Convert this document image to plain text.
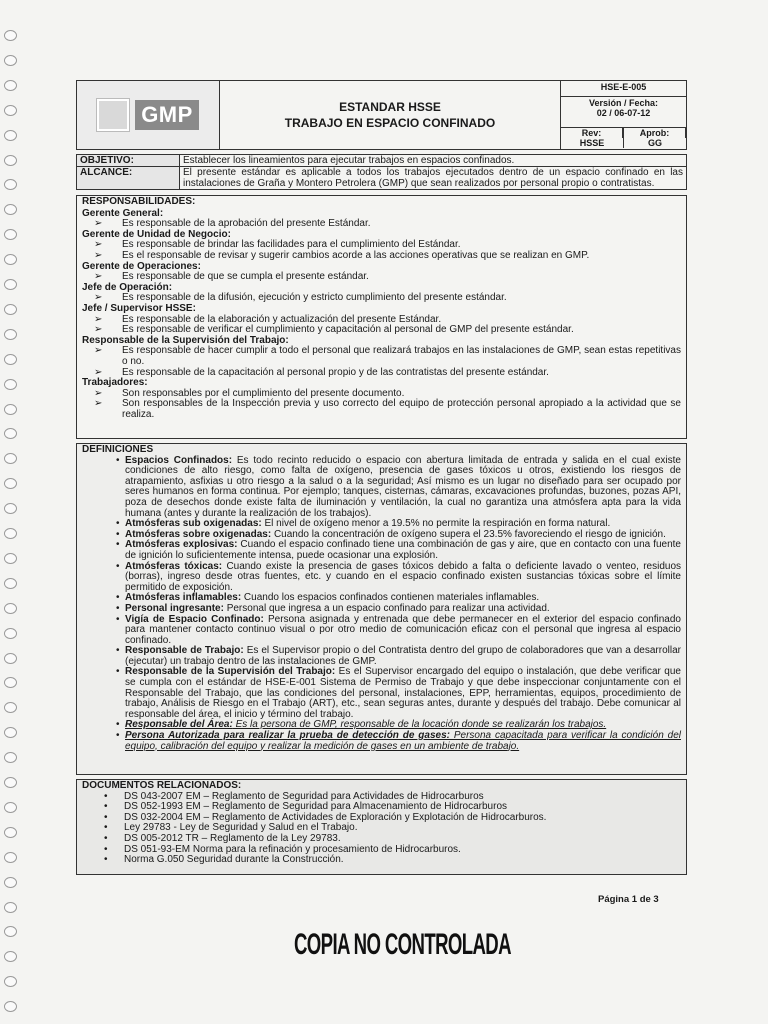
GMP	ESTANDAR HSSE
TRABAJO EN ESPACIO CONFINADO
HSE-E-005
Versión / Fecha:
02 / 06-07-12
Rev:
HSSE
Aprob:
GG
OBJETIVO:	Establecer los lineamientos para ejecutar trabajos en espacios confinados.
ALCANCE:	El presente estándar es aplicable a todos los trabajos ejecutados dentro de un espacio confinado en las instalaciones de Graña y Montero Petrolera (GMP) que sean realizados por personal propio o contratistas.
RESPONSABILIDADES:
Gerente General:
➢ Es responsable de la aprobación del presente Estándar.
Gerente de Unidad de Negocio:
➢ Es responsable de brindar las facilidades para el cumplimiento del Estándar.
➢ Es el responsable de revisar y sugerir cambios acorde a las acciones operativas que se realizan en GMP.
Gerente de Operaciones:
➢ Es responsable de que se cumpla el presente estándar.
Jefe de Operación:
➢ Es responsable de la difusión, ejecución y estricto cumplimiento del presente estándar.
Jefe / Supervisor HSSE:
➢ Es responsable de la elaboración y actualización del presente Estándar.
➢ Es responsable de verificar el cumplimiento y capacitación al personal de GMP del presente estándar.
Responsable de la Supervisión del Trabajo:
➢ Es responsable de hacer cumplir a todo el personal que realizará trabajos en las instalaciones de GMP, sean estas repetitivas o no.
➢ Es responsable de la capacitación al personal propio y de las contratistas del presente estándar.
Trabajadores:
➢ Son responsables por el cumplimiento del presente documento.
➢ Son responsables de la Inspección previa y uso correcto del equipo de protección personal apropiado a la actividad que se realiza.
DEFINICIONES
• Espacios Confinados: Es todo recinto reducido o espacio con abertura limitada de entrada y salida en el cual existe condiciones de alto riesgo, como falta de oxígeno, presencia de gases tóxicos u otros, existiendo los riesgos de atrapamiento, asfixias u otro riesgo a la salud o a la seguridad; Así mismo es un lugar no diseñado para ser ocupado por seres humanos en forma continua. Por ejemplo; tanques, cisternas, cámaras, excavaciones profundas, buzones, pozas API, poza de desechos donde existe falta de iluminación y ventilación, la cual no garantiza una atmósfera apta para la vida humana (antes y durante la realización de los trabajos).
• Atmósferas sub oxigenadas: El nivel de oxígeno menor a 19.5% no permite la respiración en forma natural.
• Atmósferas sobre oxigenadas: Cuando la concentración de oxígeno supera el 23.5% favoreciendo el riesgo de ignición.
• Atmósferas explosivas: Cuando el espacio confinado tiene una combinación de gas y aire, que en contacto con una fuente de ignición lo suficientemente intensa, puede ocasionar una explosión.
• Atmósferas tóxicas: Cuando existe la presencia de gases tóxicos debido a falta o deficiente lavado o venteo, residuos (borras), ingreso desde otras fuentes, etc. y cuando en el espacio confinado existen sustancias tóxicas sobre el límite permitido de exposición.
• Atmósferas inflamables: Cuando los espacios confinados contienen materiales inflamables.
• Personal ingresante: Personal que ingresa a un espacio confinado para realizar una actividad.
• Vigía de Espacio Confinado: Persona asignada y entrenada que debe permanecer en el exterior del espacio confinado para mantener contacto continuo visual o por otro medio de comunicación eficaz con el personal que ingresa al espacio confinado.
• Responsable de Trabajo: Es el Supervisor propio o del Contratista dentro del grupo de colaboradores que van a desarrollar (ejecutar) un trabajo dentro de las instalaciones de GMP.
• Responsable de la Supervisión del Trabajo: Es el Supervisor encargado del equipo o instalación, que debe verificar que se cumpla con el estándar de HSE-E-001 Sistema de Permiso de Trabajo y que debe inspeccionar conjuntamente con el Responsable del Trabajo, que las condiciones del personal, instalaciones, EPP, herramientas, equipos, procedimiento de trabajo, Análisis de Riesgo en el Trabajo (ART), etc., sean seguras antes, durante y después del trabajo. Debe comunicar al responsable del área, el inicio y término del trabajo.
• Responsable del Área: Es la persona de GMP, responsable de la locación donde se realizarán los trabajos.
• Persona Autorizada para realizar la prueba de detección de gases: Persona capacitada para verificar la condición del equipo, calibración del equipo y realizar la medición de gases en un ambiente de trabajo.
DOCUMENTOS RELACIONADOS:
• DS 043-2007 EM – Reglamento de Seguridad para Actividades de Hidrocarburos
• DS 052-1993 EM – Reglamento de Seguridad para Almacenamiento de Hidrocarburos
• DS 032-2004 EM – Reglamento de Actividades de Exploración y Explotación de Hidrocarburos.
• Ley 29783 - Ley de Seguridad y Salud en el Trabajo.
• DS 005-2012 TR – Reglamento de la Ley 29783.
• DS 051-93-EM Norma para la refinación y procesamiento de Hidrocarburos.
• Norma G.050 Seguridad durante la Construcción.
Página 1 de 3
COPIA NO CONTROLADA
